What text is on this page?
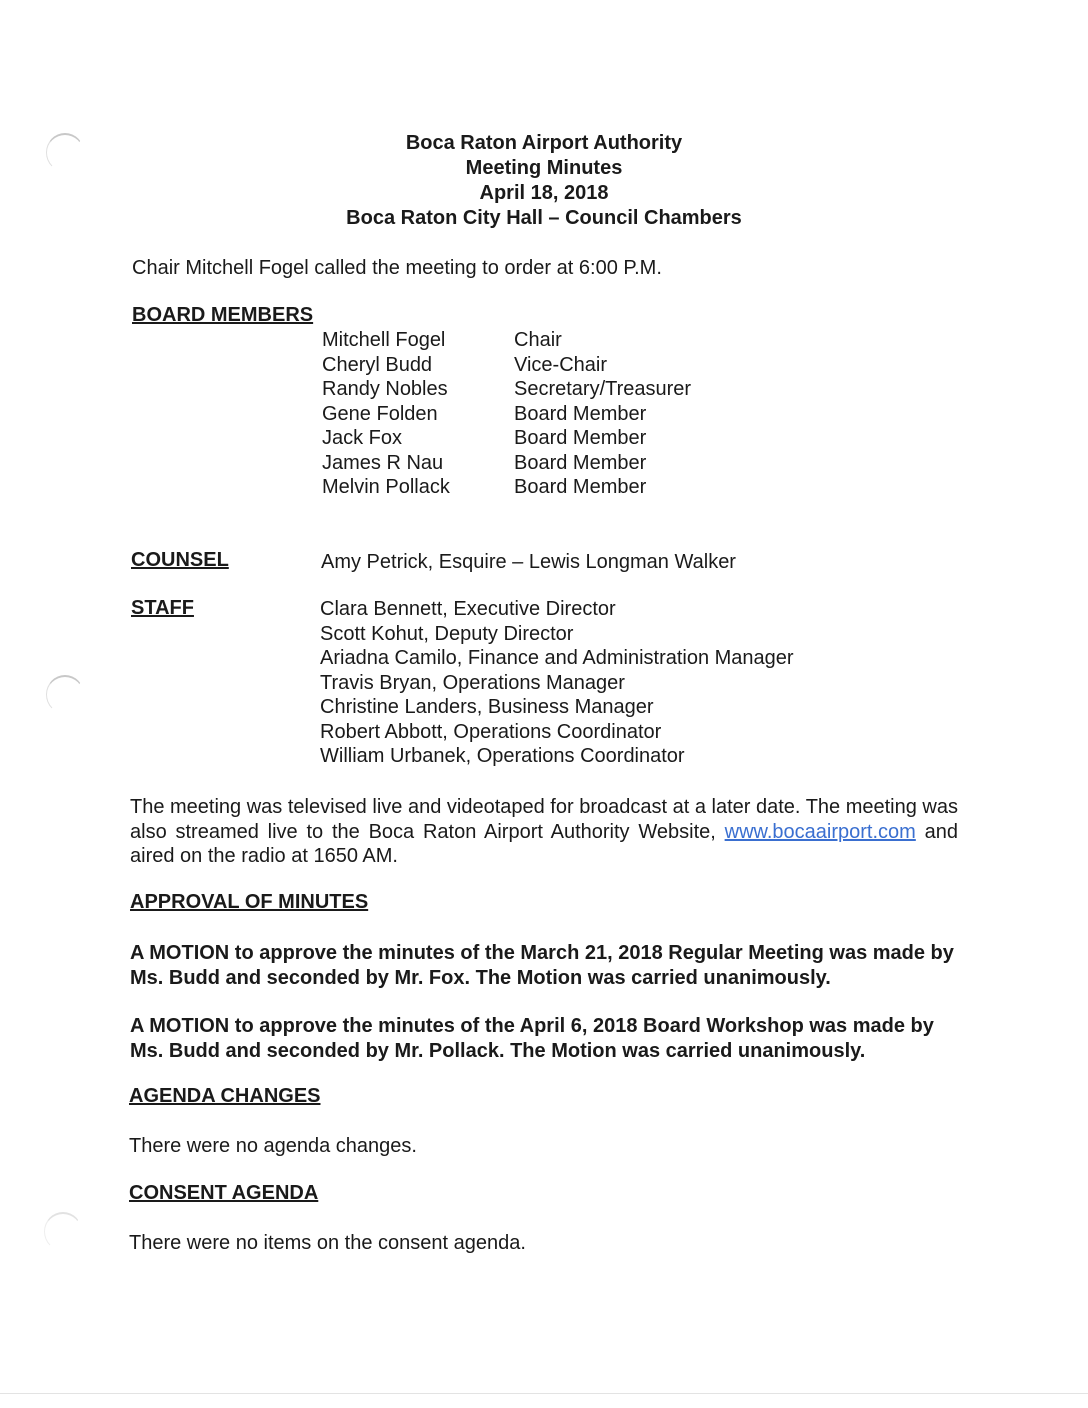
Boca Raton Airport Authority
Meeting Minutes
April 18, 2018
Boca Raton City Hall – Council Chambers
Chair Mitchell Fogel called the meeting to order at 6:00 P.M.
BOARD MEMBERS
Mitchell Fogel	Chair
Cheryl Budd	Vice-Chair
Randy Nobles	Secretary/Treasurer
Gene Folden	Board Member
Jack Fox	Board Member
James R Nau	Board Member
Melvin Pollack	Board Member
COUNSEL	Amy Petrick, Esquire – Lewis Longman Walker
STAFF	Clara Bennett, Executive Director
Scott Kohut, Deputy Director
Ariadna Camilo, Finance and Administration Manager
Travis Bryan, Operations Manager
Christine Landers, Business Manager
Robert Abbott, Operations Coordinator
William Urbanek, Operations Coordinator
The meeting was televised live and videotaped for broadcast at a later date. The meeting was also streamed live to the Boca Raton Airport Authority Website, www.bocaairport.com and aired on the radio at 1650 AM.
APPROVAL OF MINUTES
A MOTION to approve the minutes of the March 21, 2018 Regular Meeting was made by Ms. Budd and seconded by Mr. Fox. The Motion was carried unanimously.
A MOTION to approve the minutes of the April 6, 2018 Board Workshop was made by Ms. Budd and seconded by Mr. Pollack. The Motion was carried unanimously.
AGENDA CHANGES
There were no agenda changes.
CONSENT AGENDA
There were no items on the consent agenda.
